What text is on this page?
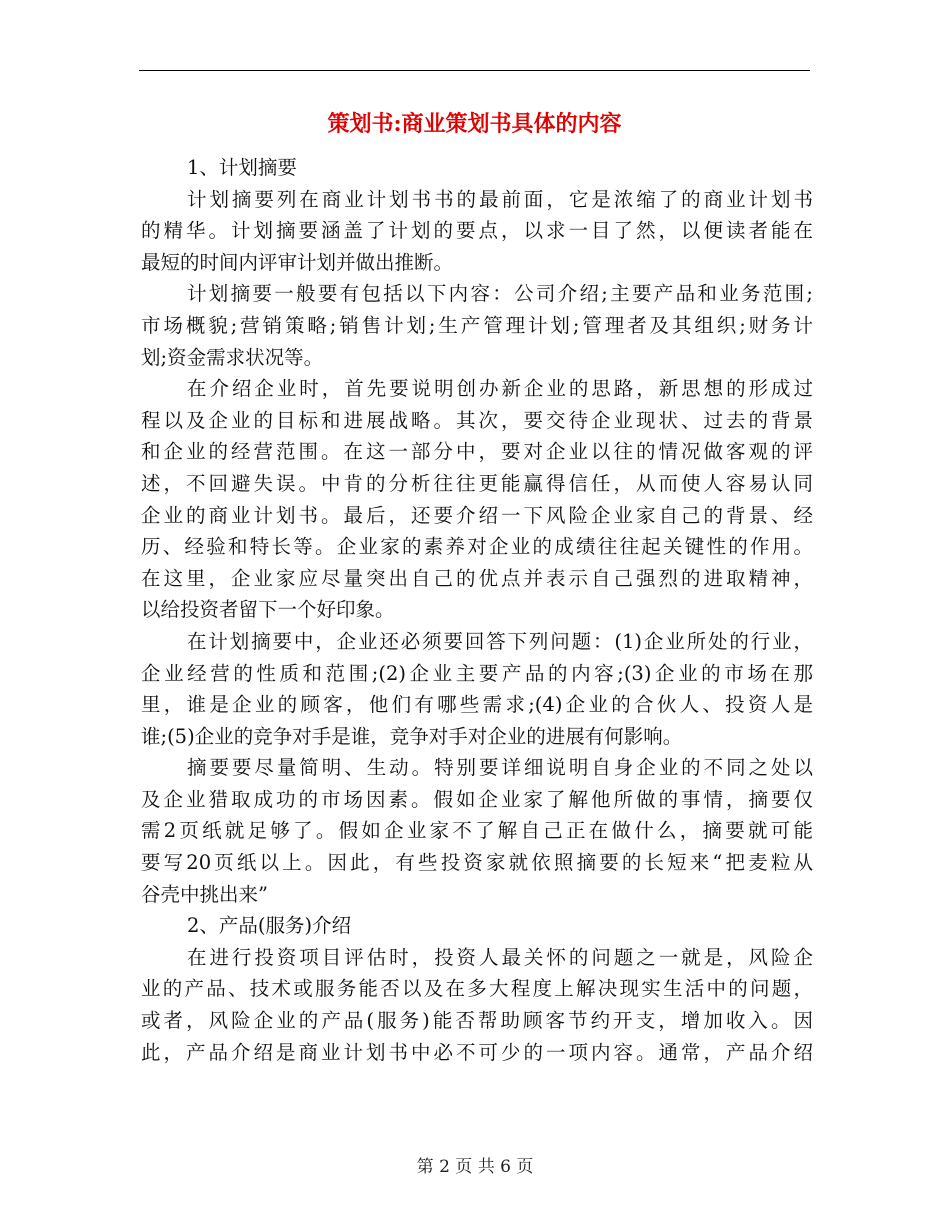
策划书:商业策划书具体的内容
1、计划摘要
计划摘要列在商业计划书书的最前面，它是浓缩了的商业计划书
的精华。计划摘要涵盖了计划的要点，以求一目了然，以便读者能在
最短的时间内评审计划并做出推断。
计划摘要一般要有包括以下内容：公司介绍;主要产品和业务范围;
市场概貌;营销策略;销售计划;生产管理计划;管理者及其组织;财务计
划;资金需求状况等。
在介绍企业时，首先要说明创办新企业的思路，新思想的形成过
程以及企业的目标和进展战略。其次，要交待企业现状、过去的背景
和企业的经营范围。在这一部分中，要对企业以往的情况做客观的评
述，不回避失误。中肯的分析往往更能赢得信任，从而使人容易认同
企业的商业计划书。最后，还要介绍一下风险企业家自己的背景、经
历、经验和特长等。企业家的素养对企业的成绩往往起关键性的作用。
在这里，企业家应尽量突出自己的优点并表示自己强烈的进取精神，
以给投资者留下一个好印象。
在计划摘要中，企业还必须要回答下列问题：(1)企业所处的行业，
企业经营的性质和范围;(2)企业主要产品的内容;(3)企业的市场在那
里，谁是企业的顾客，他们有哪些需求;(4)企业的合伙人、投资人是
谁;(5)企业的竞争对手是谁，竞争对手对企业的进展有何影响。
摘要要尽量简明、生动。特别要详细说明自身企业的不同之处以
及企业猎取成功的市场因素。假如企业家了解他所做的事情，摘要仅
需2页纸就足够了。假如企业家不了解自己正在做什么，摘要就可能
要写20页纸以上。因此，有些投资家就依照摘要的长短来“把麦粒从
谷壳中挑出来”
2、产品(服务)介绍
在进行投资项目评估时，投资人最关怀的问题之一就是，风险企
业的产品、技术或服务能否以及在多大程度上解决现实生活中的问题，
或者，风险企业的产品(服务)能否帮助顾客节约开支，增加收入。因
此，产品介绍是商业计划书中必不可少的一项内容。通常，产品介绍
第 2 页 共 6 页
